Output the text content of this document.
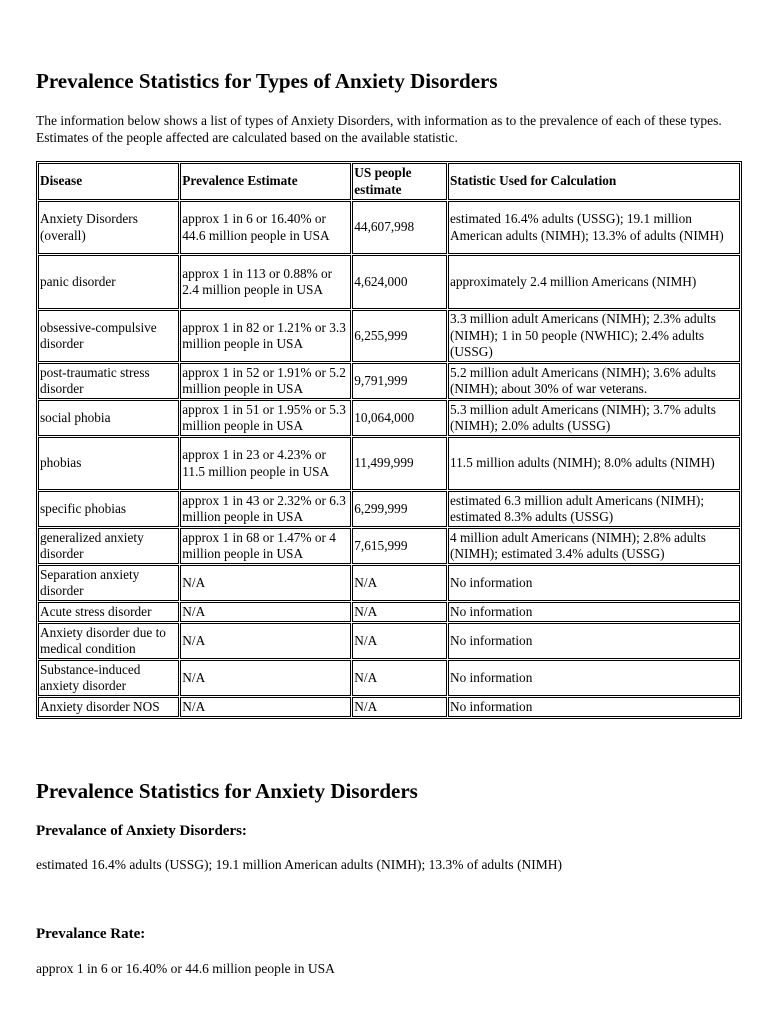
Prevalence Statistics for Types of Anxiety Disorders
The information below shows a list of types of Anxiety Disorders, with information as to the prevalence of each of these types. Estimates of the people affected are calculated based on the available statistic.
Disease	Prevalence Estimate	US people estimate	Statistic Used for Calculation
Anxiety Disorders (overall)	approx 1 in 6 or 16.40% or 44.6 million people in USA	44,607,998	estimated 16.4% adults (USSG); 19.1 million American adults (NIMH); 13.3% of adults (NIMH)
panic disorder	approx 1 in 113 or 0.88% or 2.4 million people in USA	4,624,000	approximately 2.4 million Americans (NIMH)
obsessive-compulsive disorder	approx 1 in 82 or 1.21% or 3.3 million people in USA	6,255,999	3.3 million adult Americans (NIMH); 2.3% adults (NIMH); 1 in 50 people (NWHIC); 2.4% adults (USSG)
post-traumatic stress disorder	approx 1 in 52 or 1.91% or 5.2 million people in USA	9,791,999	5.2 million adult Americans (NIMH); 3.6% adults (NIMH); about 30% of war veterans.
social phobia	approx 1 in 51 or 1.95% or 5.3 million people in USA	10,064,000	5.3 million adult Americans (NIMH); 3.7% adults (NIMH); 2.0% adults (USSG)
phobias	approx 1 in 23 or 4.23% or 11.5 million people in USA	11,499,999	11.5 million adults (NIMH); 8.0% adults (NIMH)
specific phobias	approx 1 in 43 or 2.32% or 6.3 million people in USA	6,299,999	estimated 6.3 million adult Americans (NIMH); estimated 8.3% adults (USSG)
generalized anxiety disorder	approx 1 in 68 or 1.47% or 4 million people in USA	7,615,999	4 million adult Americans (NIMH); 2.8% adults (NIMH); estimated 3.4% adults (USSG)
Separation anxiety disorder	N/A	N/A	No information
Acute stress disorder	N/A	N/A	No information
Anxiety disorder due to medical condition	N/A	N/A	No information
Substance-induced anxiety disorder	N/A	N/A	No information
Anxiety disorder NOS	N/A	N/A	No information
Prevalence Statistics for Anxiety Disorders
Prevalance of Anxiety Disorders:
estimated 16.4% adults (USSG); 19.1 million American adults (NIMH); 13.3% of adults (NIMH)
Prevalance Rate:
approx 1 in 6 or 16.40% or 44.6 million people in USA
